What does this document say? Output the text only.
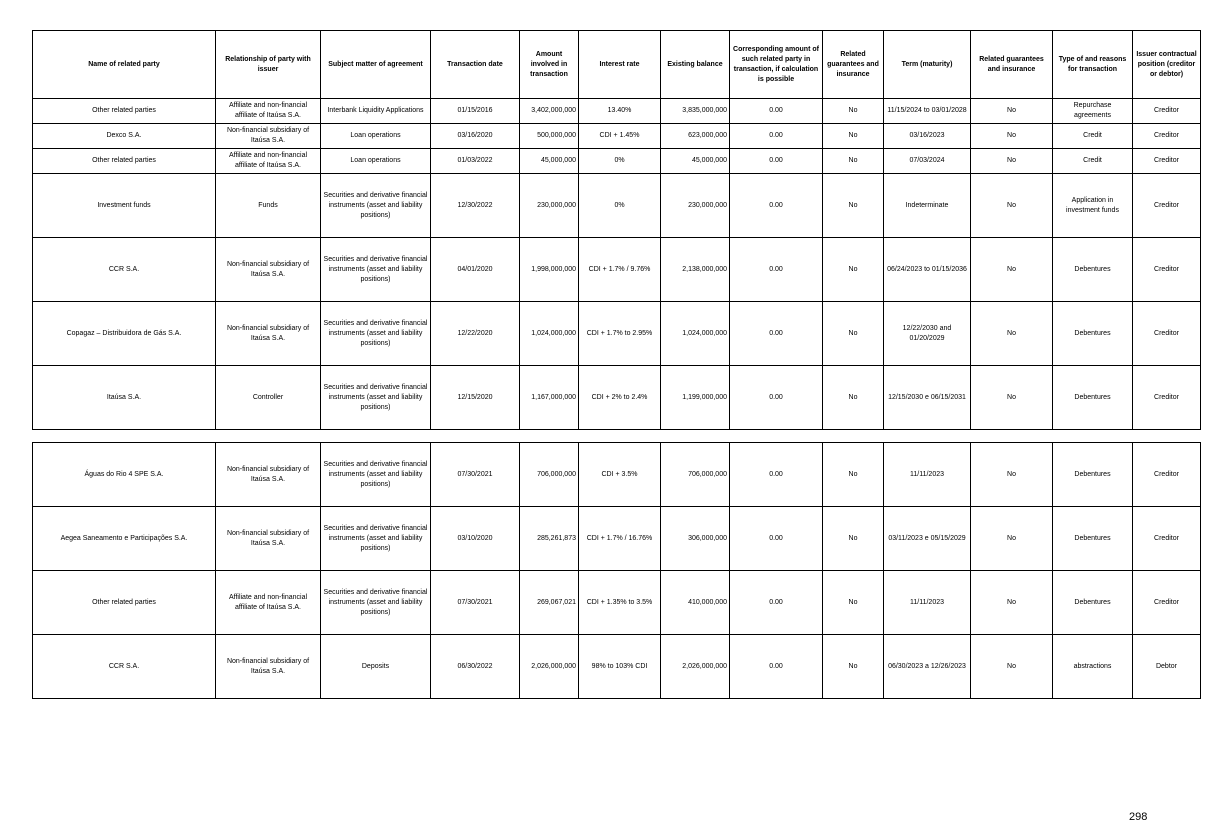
Name of related party	Relationship of party with issuer	Subject matter of agreement	Transaction date	Amount involved in transaction	Interest rate	Existing balance	Corresponding amount of such related party in transaction, if calculation is possible	Related guarantees and insurance	Term (maturity)	Related guarantees and insurance	Type of and reasons for transaction	Issuer contractual position (creditor or debtor)
Other related parties	Affiliate and non-financial affiliate of Itaúsa S.A.	Interbank Liquidity Applications	01/15/2016	3,402,000,000	13.40%	3,835,000,000	0.00	No	11/15/2024 to 03/01/2028	No	Repurchase agreements	Creditor
Dexco S.A.	Non-financial subsidiary of Itaúsa S.A.	Loan operations	03/16/2020	500,000,000	CDI + 1.45%	623,000,000	0.00	No	03/16/2023	No	Credit	Creditor
Other related parties	Affiliate and non-financial affiliate of Itaúsa S.A.	Loan operations	01/03/2022	45,000,000	0%	45,000,000	0.00	No	07/03/2024	No	Credit	Creditor
Investment funds	Funds	Securities and derivative financial instruments (asset and liability positions)	12/30/2022	230,000,000	0%	230,000,000	0.00	No	Indeterminate	No	Application in investment funds	Creditor
CCR S.A.	Non-financial subsidiary of Itaúsa S.A.	Securities and derivative financial instruments (asset and liability positions)	04/01/2020	1,998,000,000	CDI + 1.7% / 9.76%	2,138,000,000	0.00	No	06/24/2023 to 01/15/2036	No	Debentures	Creditor
Copagaz – Distribuidora de Gás S.A.	Non-financial subsidiary of Itaúsa S.A.	Securities and derivative financial instruments (asset and liability positions)	12/22/2020	1,024,000,000	CDI + 1.7% to 2.95%	1,024,000,000	0.00	No	12/22/2030 and 01/20/2029	No	Debentures	Creditor
Itaúsa S.A.	Controller	Securities and derivative financial instruments (asset and liability positions)	12/15/2020	1,167,000,000	CDI + 2% to 2.4%	1,199,000,000	0.00	No	12/15/2030 e 06/15/2031	No	Debentures	Creditor
Águas do Rio 4 SPE S.A.	Non-financial subsidiary of Itaúsa S.A.	Securities and derivative financial instruments (asset and liability positions)	07/30/2021	706,000,000	CDI + 3.5%	706,000,000	0.00	No	11/11/2023	No	Debentures	Creditor
Aegea Saneamento e Participações S.A.	Non-financial subsidiary of Itaúsa S.A.	Securities and derivative financial instruments (asset and liability positions)	03/10/2020	285,261,873	CDI + 1.7% / 16.76%	306,000,000	0.00	No	03/11/2023 e 05/15/2029	No	Debentures	Creditor
Other related parties	Affiliate and non-financial affiliate of Itaúsa S.A.	Securities and derivative financial instruments (asset and liability positions)	07/30/2021	269,067,021	CDI + 1.35% to 3.5%	410,000,000	0.00	No	11/11/2023	No	Debentures	Creditor
CCR S.A.	Non-financial subsidiary of Itaúsa S.A.	Deposits	06/30/2022	2,026,000,000	98% to 103% CDI	2,026,000,000	0.00	No	06/30/2023 a 12/26/2023	No	abstractions	Debtor
298
